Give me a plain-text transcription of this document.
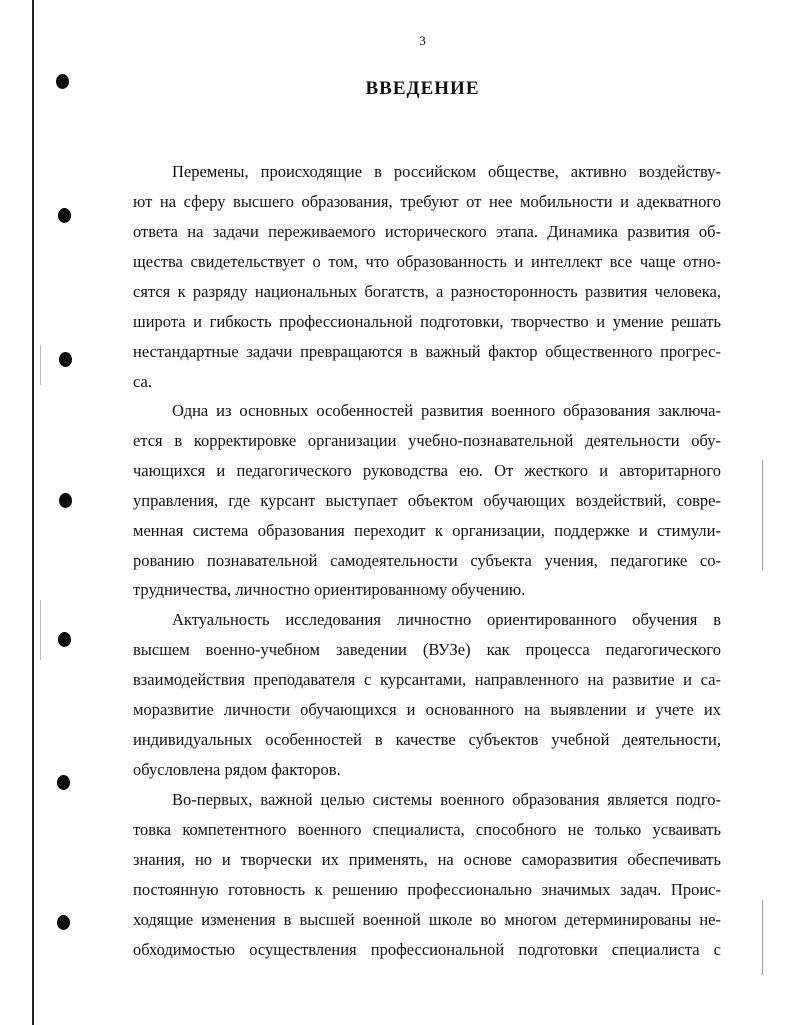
3
ВВЕДЕНИЕ
Перемены, происходящие в российском обществе, активно воздейству-
ют на сферу высшего образования, требуют от нее мобильности и адекватного
ответа на задачи переживаемого исторического этапа. Динамика развития об-
щества свидетельствует о том, что образованность и интеллект все чаще отно-
сятся к разряду национальных богатств, а разносторонность развития человека,
широта и гибкость профессиональной подготовки, творчество и умение решать
нестандартные задачи превращаются в важный фактор общественного прогрес-
са.
Одна из основных особенностей развития военного образования заключа-
ется в корректировке организации учебно-познавательной деятельности обу-
чающихся и педагогического руководства ею. От жесткого и авторитарного
управления, где курсант выступает объектом обучающих воздействий, совре-
менная система образования переходит к организации, поддержке и стимули-
рованию познавательной самодеятельности субъекта учения, педагогике со-
трудничества, личностно ориентированному обучению.
Актуальность исследования личностно ориентированного обучения в
высшем военно-учебном заведении (ВУЗе) как процесса педагогического
взаимодействия преподавателя с курсантами, направленного на развитие и са-
моразвитие личности обучающихся и основанного на выявлении и учете их
индивидуальных особенностей в качестве субъектов учебной деятельности,
обусловлена рядом факторов.
Во-первых, важной целью системы военного образования является подго-
товка компетентного военного специалиста, способного не только усваивать
знания, но и творчески их применять, на основе саморазвития обеспечивать
постоянную готовность к решению профессионально значимых задач. Проис-
ходящие изменения в высшей военной школе во многом детерминированы не-
обходимостью осуществления профессиональной подготовки специалиста с
